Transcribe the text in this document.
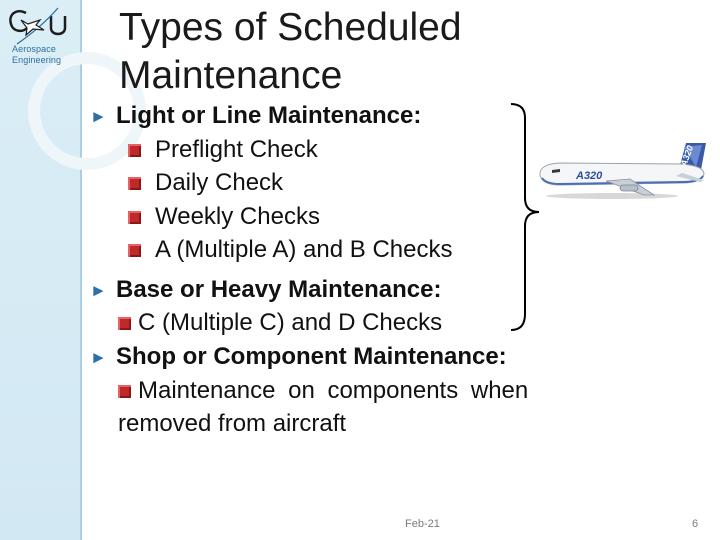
Aerospace
Engineering
Types of Scheduled
Maintenance
► Light or Line Maintenance:
Preflight Check
Daily Check
Weekly Checks
A (Multiple A) and B Checks
► Base or Heavy Maintenance:
C (Multiple C) and D Checks
► Shop or Component Maintenance:
Maintenance on components when
removed from aircraft
A320
A320
Feb-21	6
